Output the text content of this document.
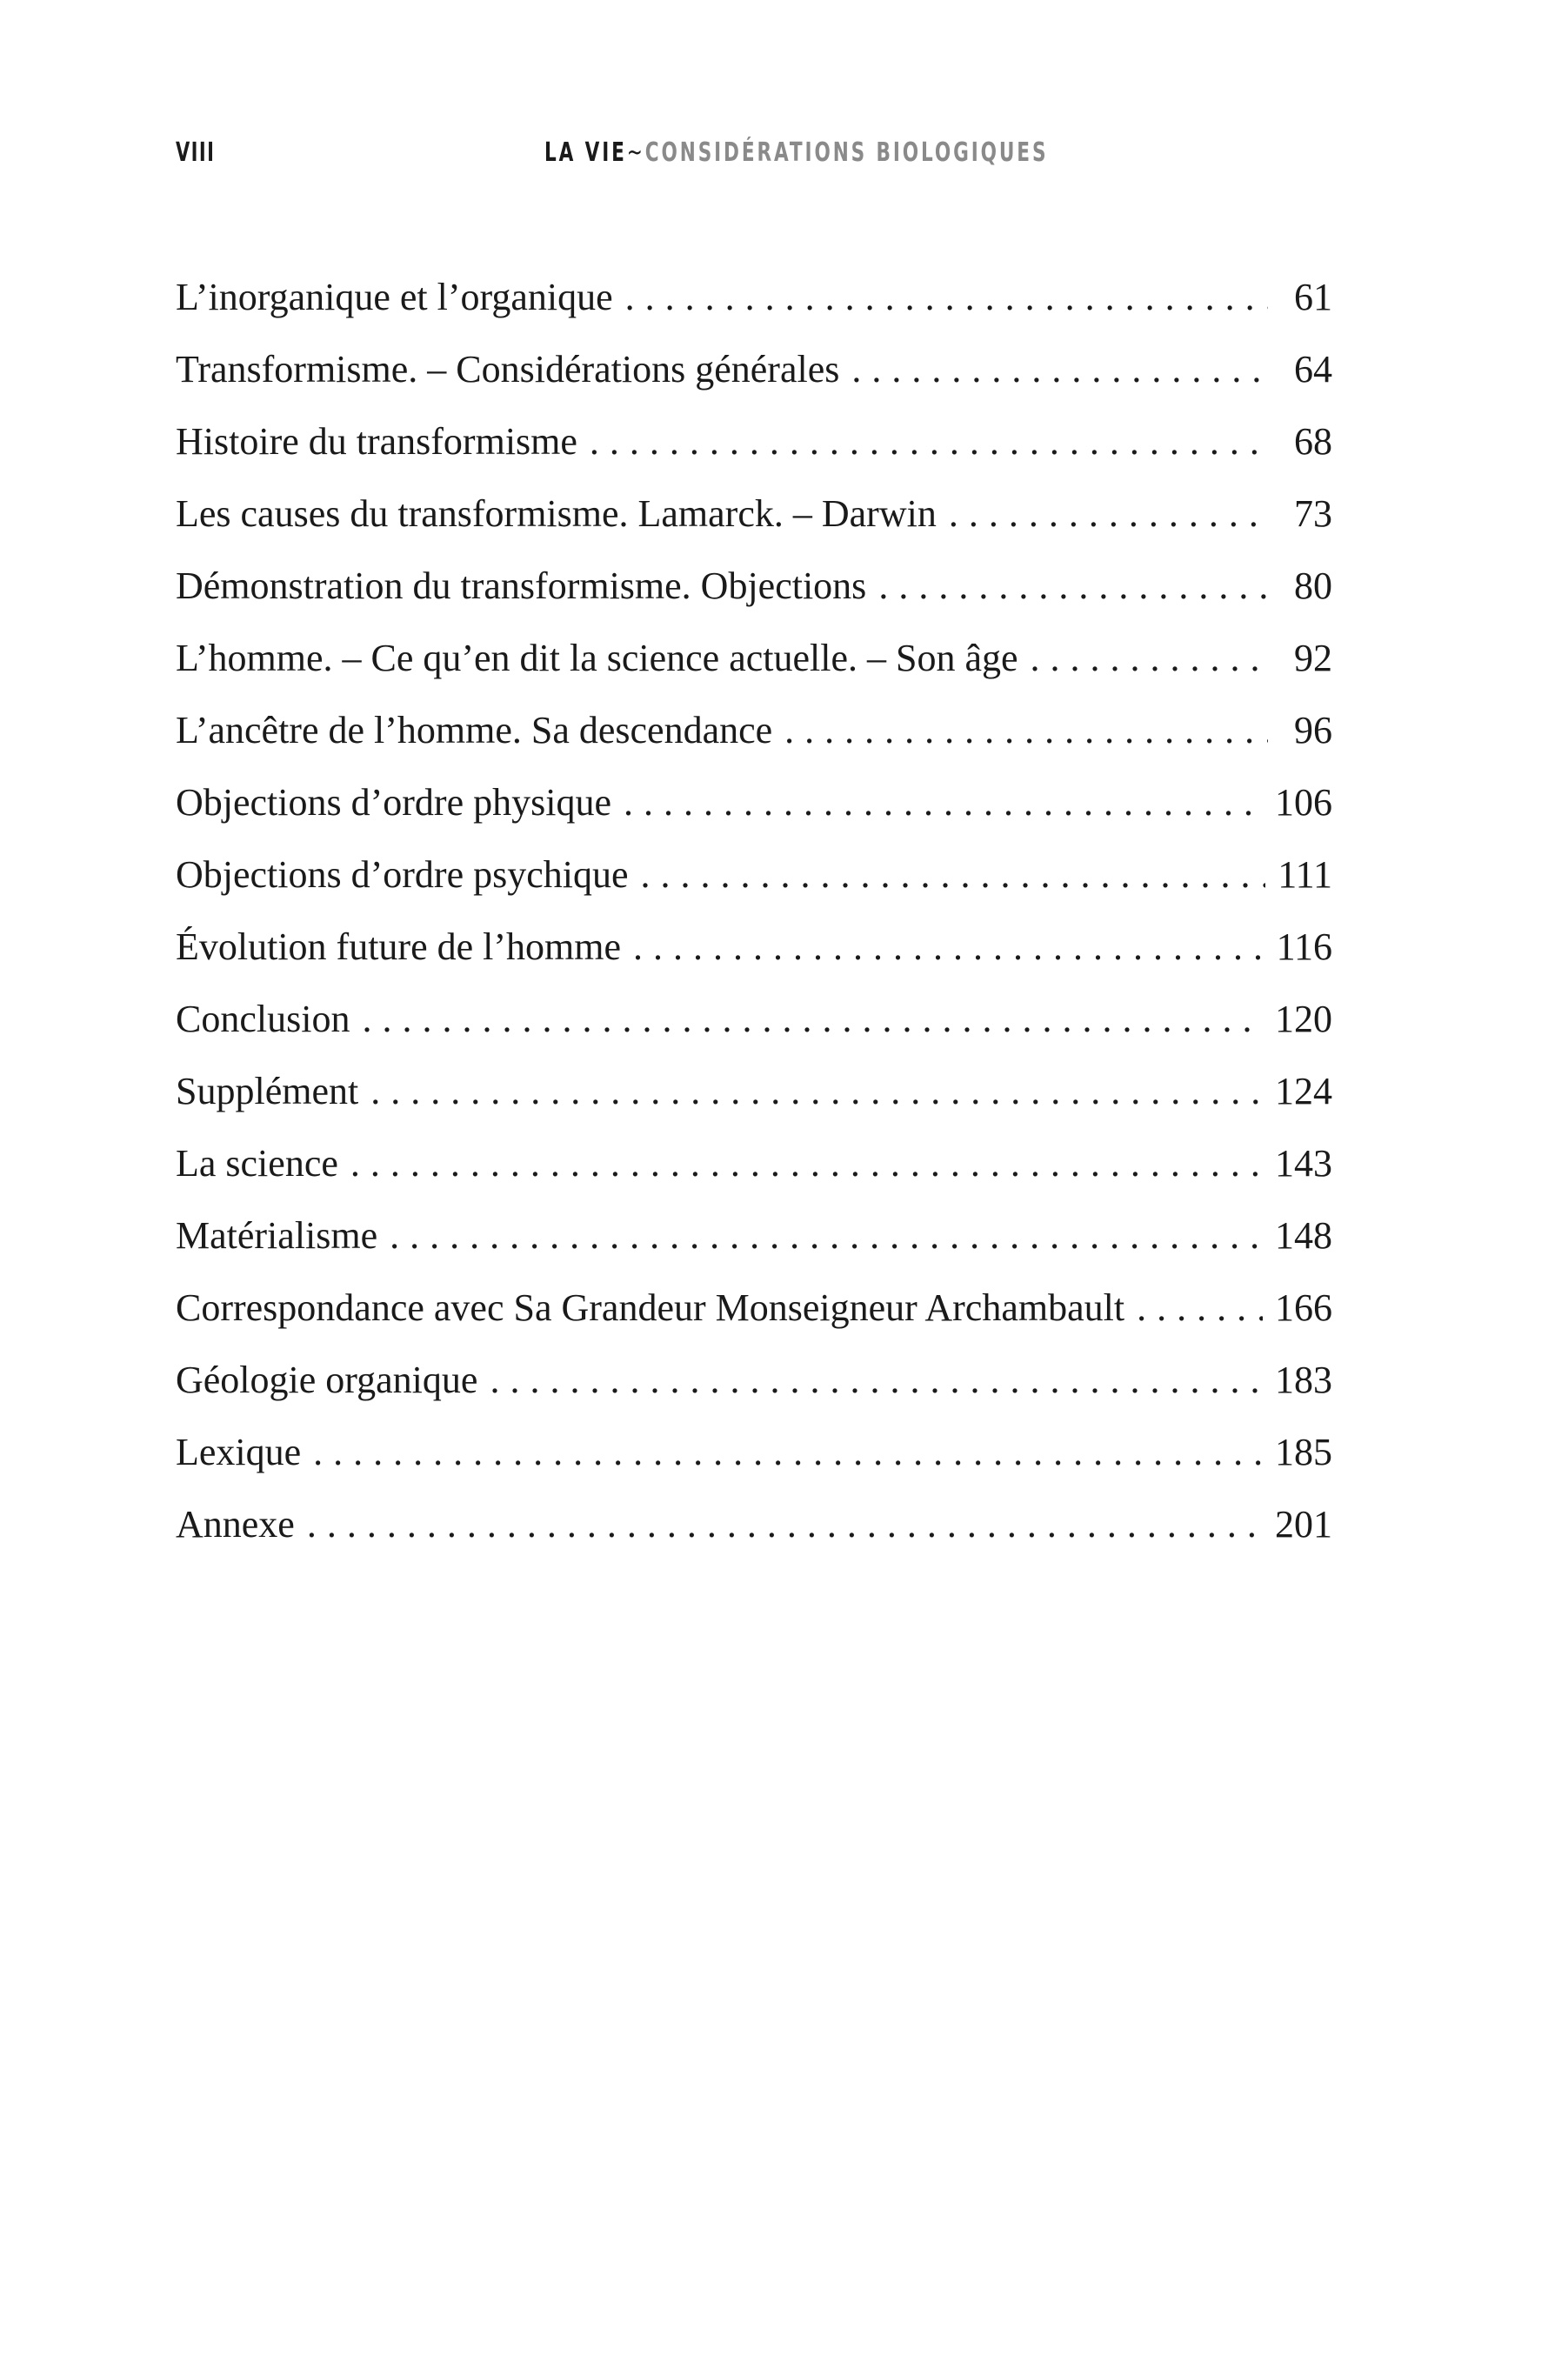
VIII	LA VIE~CONSIDÉRATIONS BIOLOGIQUES
L’inorganique et l’organique . . .	61
Transformisme. – Considérations générales . . .	64
Histoire du transformisme . . .	68
Les causes du transformisme. Lamarck. – Darwin . . .	73
Démonstration du transformisme. Objections . . .	80
L’homme. – Ce qu’en dit la science actuelle. – Son âge . . .	92
L’ancêtre de l’homme. Sa descendance . . .	96
Objections d’ordre physique . . .	106
Objections d’ordre psychique . . .	111
Évolution future de l’homme . . .	116
Conclusion . . .	120
Supplément . . .	124
La science . . .	143
Matérialisme . . .	148
Correspondance avec Sa Grandeur Monseigneur Archambault . . .	166
Géologie organique . . .	183
Lexique . . .	185
Annexe . . .	201
